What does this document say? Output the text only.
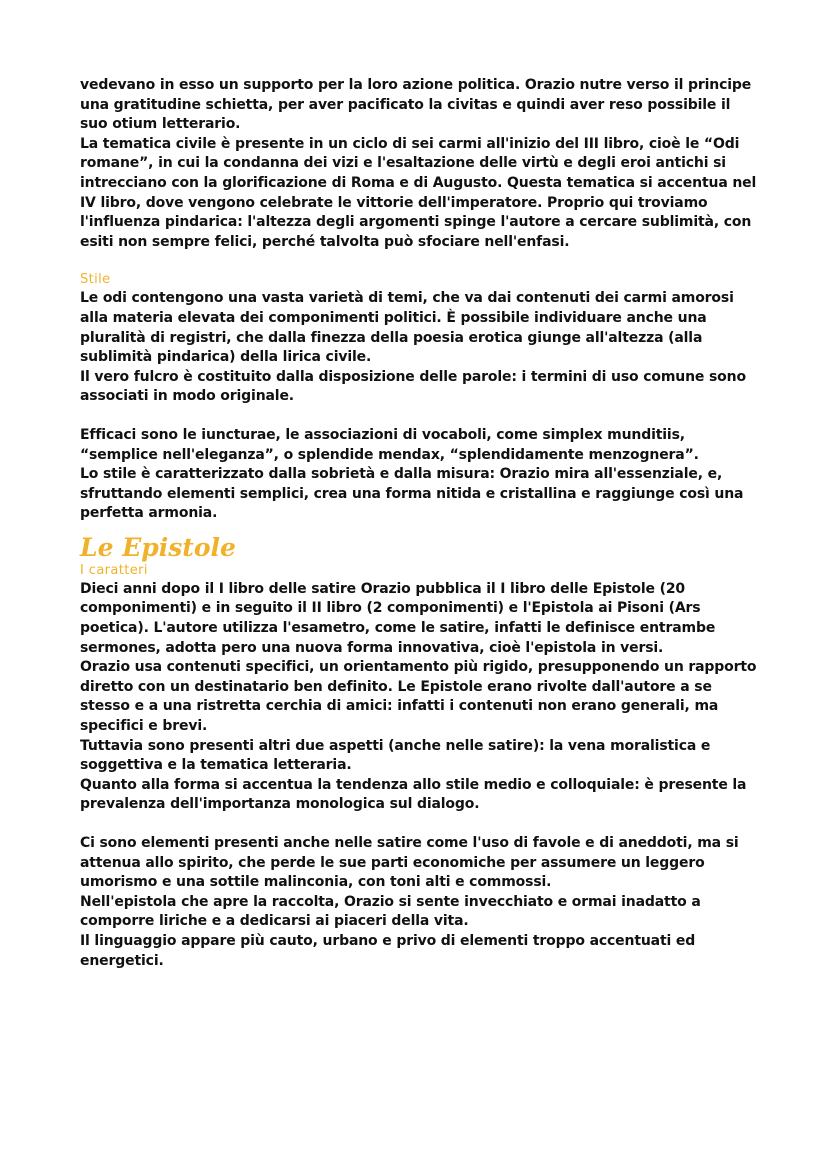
vedevano in esso un supporto per la loro azione politica. Orazio nutre verso il principe una gratitudine schietta, per aver pacificato la civitas e quindi aver reso possibile il suo otium letterario.

La tematica civile è presente in un ciclo di sei carmi all'inizio del III libro, cioè le “Odi romane”, in cui la condanna dei vizi e l'esaltazione delle virtù e degli eroi antichi si intrecciano con la glorificazione di Roma e di Augusto. Questa tematica si accentua nel IV libro, dove vengono celebrate le vittorie dell'imperatore. Proprio qui troviamo l'influenza pindarica: l'altezza degli argomenti spinge l'autore a cercare sublimità, con esiti non sempre felici, perché talvolta può sfociare nell'enfasi.

Stile

Le odi contengono una vasta varietà di temi, che va dai contenuti dei carmi amorosi alla materia elevata dei componimenti politici. È possibile individuare anche una pluralità di registri, che dalla finezza della poesia erotica giunge all'altezza (alla sublimità pindarica) della lirica civile.

Il vero fulcro è costituito dalla disposizione delle parole: i termini di uso comune sono associati in modo originale.

Efficaci sono le iuncturae, le associazioni di vocaboli, come simplex munditiis, “semplice nell'eleganza”, o splendide mendax, “splendidamente menzognera”.

Lo stile è caratterizzato dalla sobrietà e dalla misura: Orazio mira all'essenziale, e, sfruttando elementi semplici, crea una forma nitida e cristallina e raggiunge così una perfetta armonia.

Le Epistole
I caratteri

Dieci anni dopo il I libro delle satire Orazio pubblica il I libro delle Epistole (20 componimenti) e in seguito il II libro (2 componimenti) e l'Epistola ai Pisoni (Ars poetica). L'autore utilizza l'esametro, come le satire, infatti le definisce entrambe sermones, adotta pero una nuova forma innovativa, cioè l'epistola in versi.

Orazio usa contenuti specifici, un orientamento più rigido, presupponendo un rapporto diretto con un destinatario ben definito. Le Epistole erano rivolte dall'autore a se stesso e a una ristretta cerchia di amici: infatti i contenuti non erano generali, ma specifici e brevi.

Tuttavia sono presenti altri due aspetti (anche nelle satire): la vena moralistica e soggettiva e la tematica letteraria.

Quanto alla forma si accentua la tendenza allo stile medio e colloquiale: è presente la prevalenza dell'importanza monologica sul dialogo.

Ci sono elementi presenti anche nelle satire come l'uso di favole e di aneddoti, ma si attenua allo spirito, che perde le sue parti economiche per assumere un leggero umorismo e una sottile malinconia, con toni alti e commossi.

Nell'epistola che apre la raccolta, Orazio si sente invecchiato e ormai inadatto a comporre liriche e a dedicarsi ai piaceri della vita.

Il linguaggio appare più cauto, urbano e privo di elementi troppo accentuati ed energetici.
